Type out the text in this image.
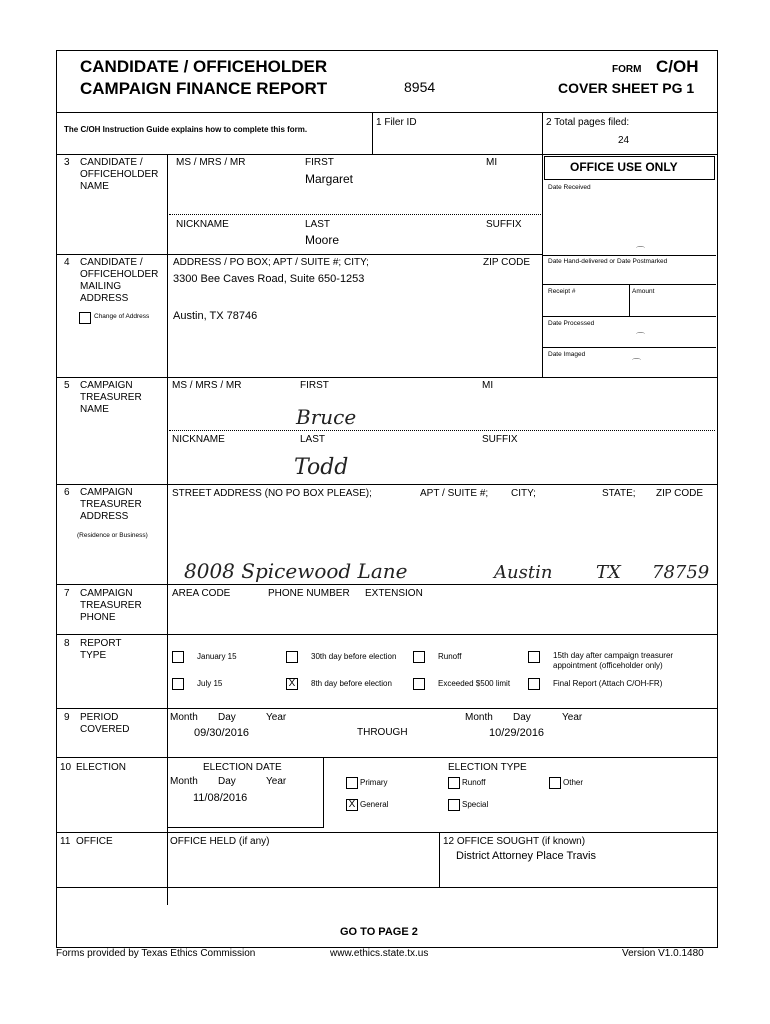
CANDIDATE / OFFICEHOLDER
CAMPAIGN FINANCE REPORT	8954
FORM C/OH
COVER SHEET PG 1
The C/OH Instruction Guide explains how to complete this form.
1 Filer ID	2 Total pages filed:
24
3 CANDIDATE /
OFFICEHOLDER
NAME
MS / MRS / MR	FIRST	MI
Margaret
NICKNAME	LAST	SUFFIX
Moore
OFFICE USE ONLY
Date Received
Date Hand-delivered or Date Postmarked
Receipt #	Amount
Date Processed
Date Imaged
⌒
⌒
⌒
4 CANDIDATE /
OFFICEHOLDER
MAILING
ADDRESS
Change of Address
ADDRESS / PO BOX; APT / SUITE #; CITY;	ZIP CODE
3300 Bee Caves Road, Suite 650-1253
Austin, TX 78746
5 CAMPAIGN
TREASURER
NAME
MS / MRS / MR	FIRST	MI
Bruce
NICKNAME	LAST	SUFFIX
Todd
6 CAMPAIGN
TREASURER
ADDRESS
(Residence or Business)
STREET ADDRESS (NO PO BOX PLEASE);	APT / SUITE #; CITY;	STATE; ZIP CODE
8008 Spicewood Lane	Austin TX 78759
7 CAMPAIGN
TREASURER
PHONE
AREA CODE	PHONE NUMBER EXTENSION
8 REPORT
TYPE	January 15	30th day before election	Runoff	15th day after campaign treasurer
appointment (officeholder only)
July 15	X	8th day before election	Exceeded $500 limit	Final Report (Attach C/OH-FR)
9 PERIOD
COVERED
Month Day	Year
09/30/2016	THROUGH
Month Day	Year
10/29/2016
10 ELECTION	ELECTION DATE
Month Day	Year
11/08/2016
ELECTION TYPE
Primary	Runoff	Other
X General	Special
11 OFFICE	OFFICE HELD (if any)	12 OFFICE SOUGHT (if known)
District Attorney Place Travis
GO TO PAGE 2
Forms provided by Texas Ethics Commission	www.ethics.state.tx.us	Version V1.0.1480
